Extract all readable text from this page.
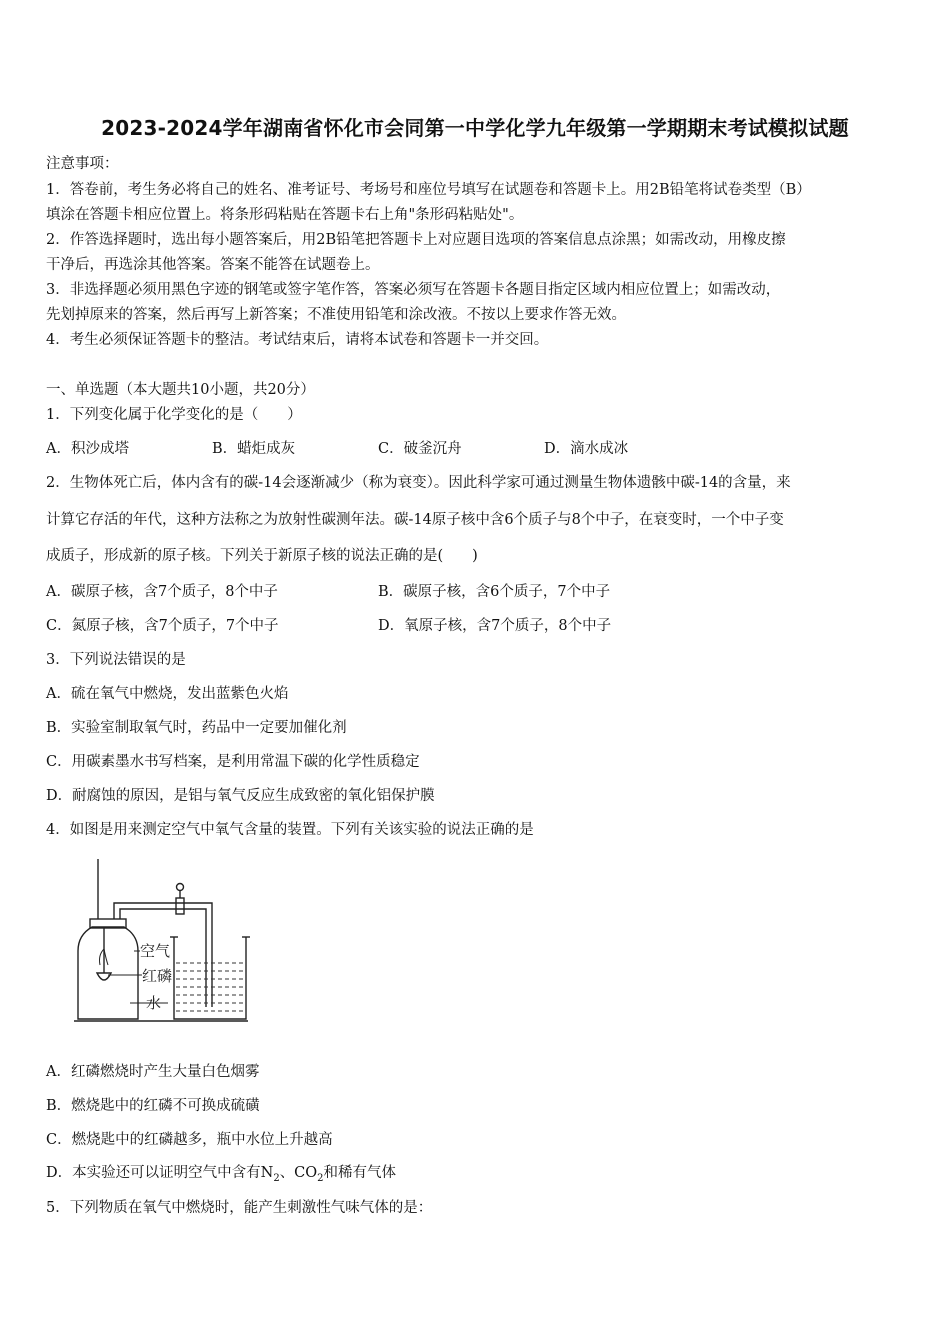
2023-2024学年湖南省怀化市会同第一中学化学九年级第一学期期末考试模拟试题
注意事项：
1．答卷前，考生务必将自己的姓名、准考证号、考场号和座位号填写在试题卷和答题卡上。用2B铅笔将试卷类型（B）
填涂在答题卡相应位置上。将条形码粘贴在答题卡右上角"条形码粘贴处"。
2．作答选择题时，选出每小题答案后，用2B铅笔把答题卡上对应题目选项的答案信息点涂黑；如需改动，用橡皮擦
干净后，再选涂其他答案。答案不能答在试题卷上。
3．非选择题必须用黑色字迹的钢笔或签字笔作答，答案必须写在答题卡各题目指定区域内相应位置上；如需改动，
先划掉原来的答案，然后再写上新答案；不准使用铅笔和涂改液。不按以上要求作答无效。
4．考生必须保证答题卡的整洁。考试结束后，请将本试卷和答题卡一并交回。
一、单选题（本大题共10小题，共20分）
1．下列变化属于化学变化的是（　　）
A．积沙成塔	B．蜡炬成灰	C．破釜沉舟	D．滴水成冰
2．生物体死亡后，体内含有的碳-14会逐渐减少（称为衰变）。因此科学家可通过测量生物体遗骸中碳-14的含量，来
计算它存活的年代，这种方法称之为放射性碳测年法。碳-14原子核中含6个质子与8个中子，在衰变时，一个中子变
成质子，形成新的原子核。下列关于新原子核的说法正确的是(　　)
A．碳原子核，含7个质子，8个中子	B．碳原子核，含6个质子，7个中子
C．氮原子核，含7个质子，7个中子	D．氧原子核，含7个质子，8个中子
3．下列说法错误的是
A．硫在氧气中燃烧，发出蓝紫色火焰
B．实验室制取氧气时，药品中一定要加催化剂
C．用碳素墨水书写档案，是利用常温下碳的化学性质稳定
D．耐腐蚀的原因，是铝与氧气反应生成致密的氧化铝保护膜
4．如图是用来测定空气中氧气含量的装置。下列有关该实验的说法正确的是
空气
红磷
水
A．红磷燃烧时产生大量白色烟雾
B．燃烧匙中的红磷不可换成硫磺
C．燃烧匙中的红磷越多，瓶中水位上升越高
D．本实验还可以证明空气中含有$N_2$、$CO_2$和稀有气体
5．下列物质在氧气中燃烧时，能产生刺激性气味气体的是：
